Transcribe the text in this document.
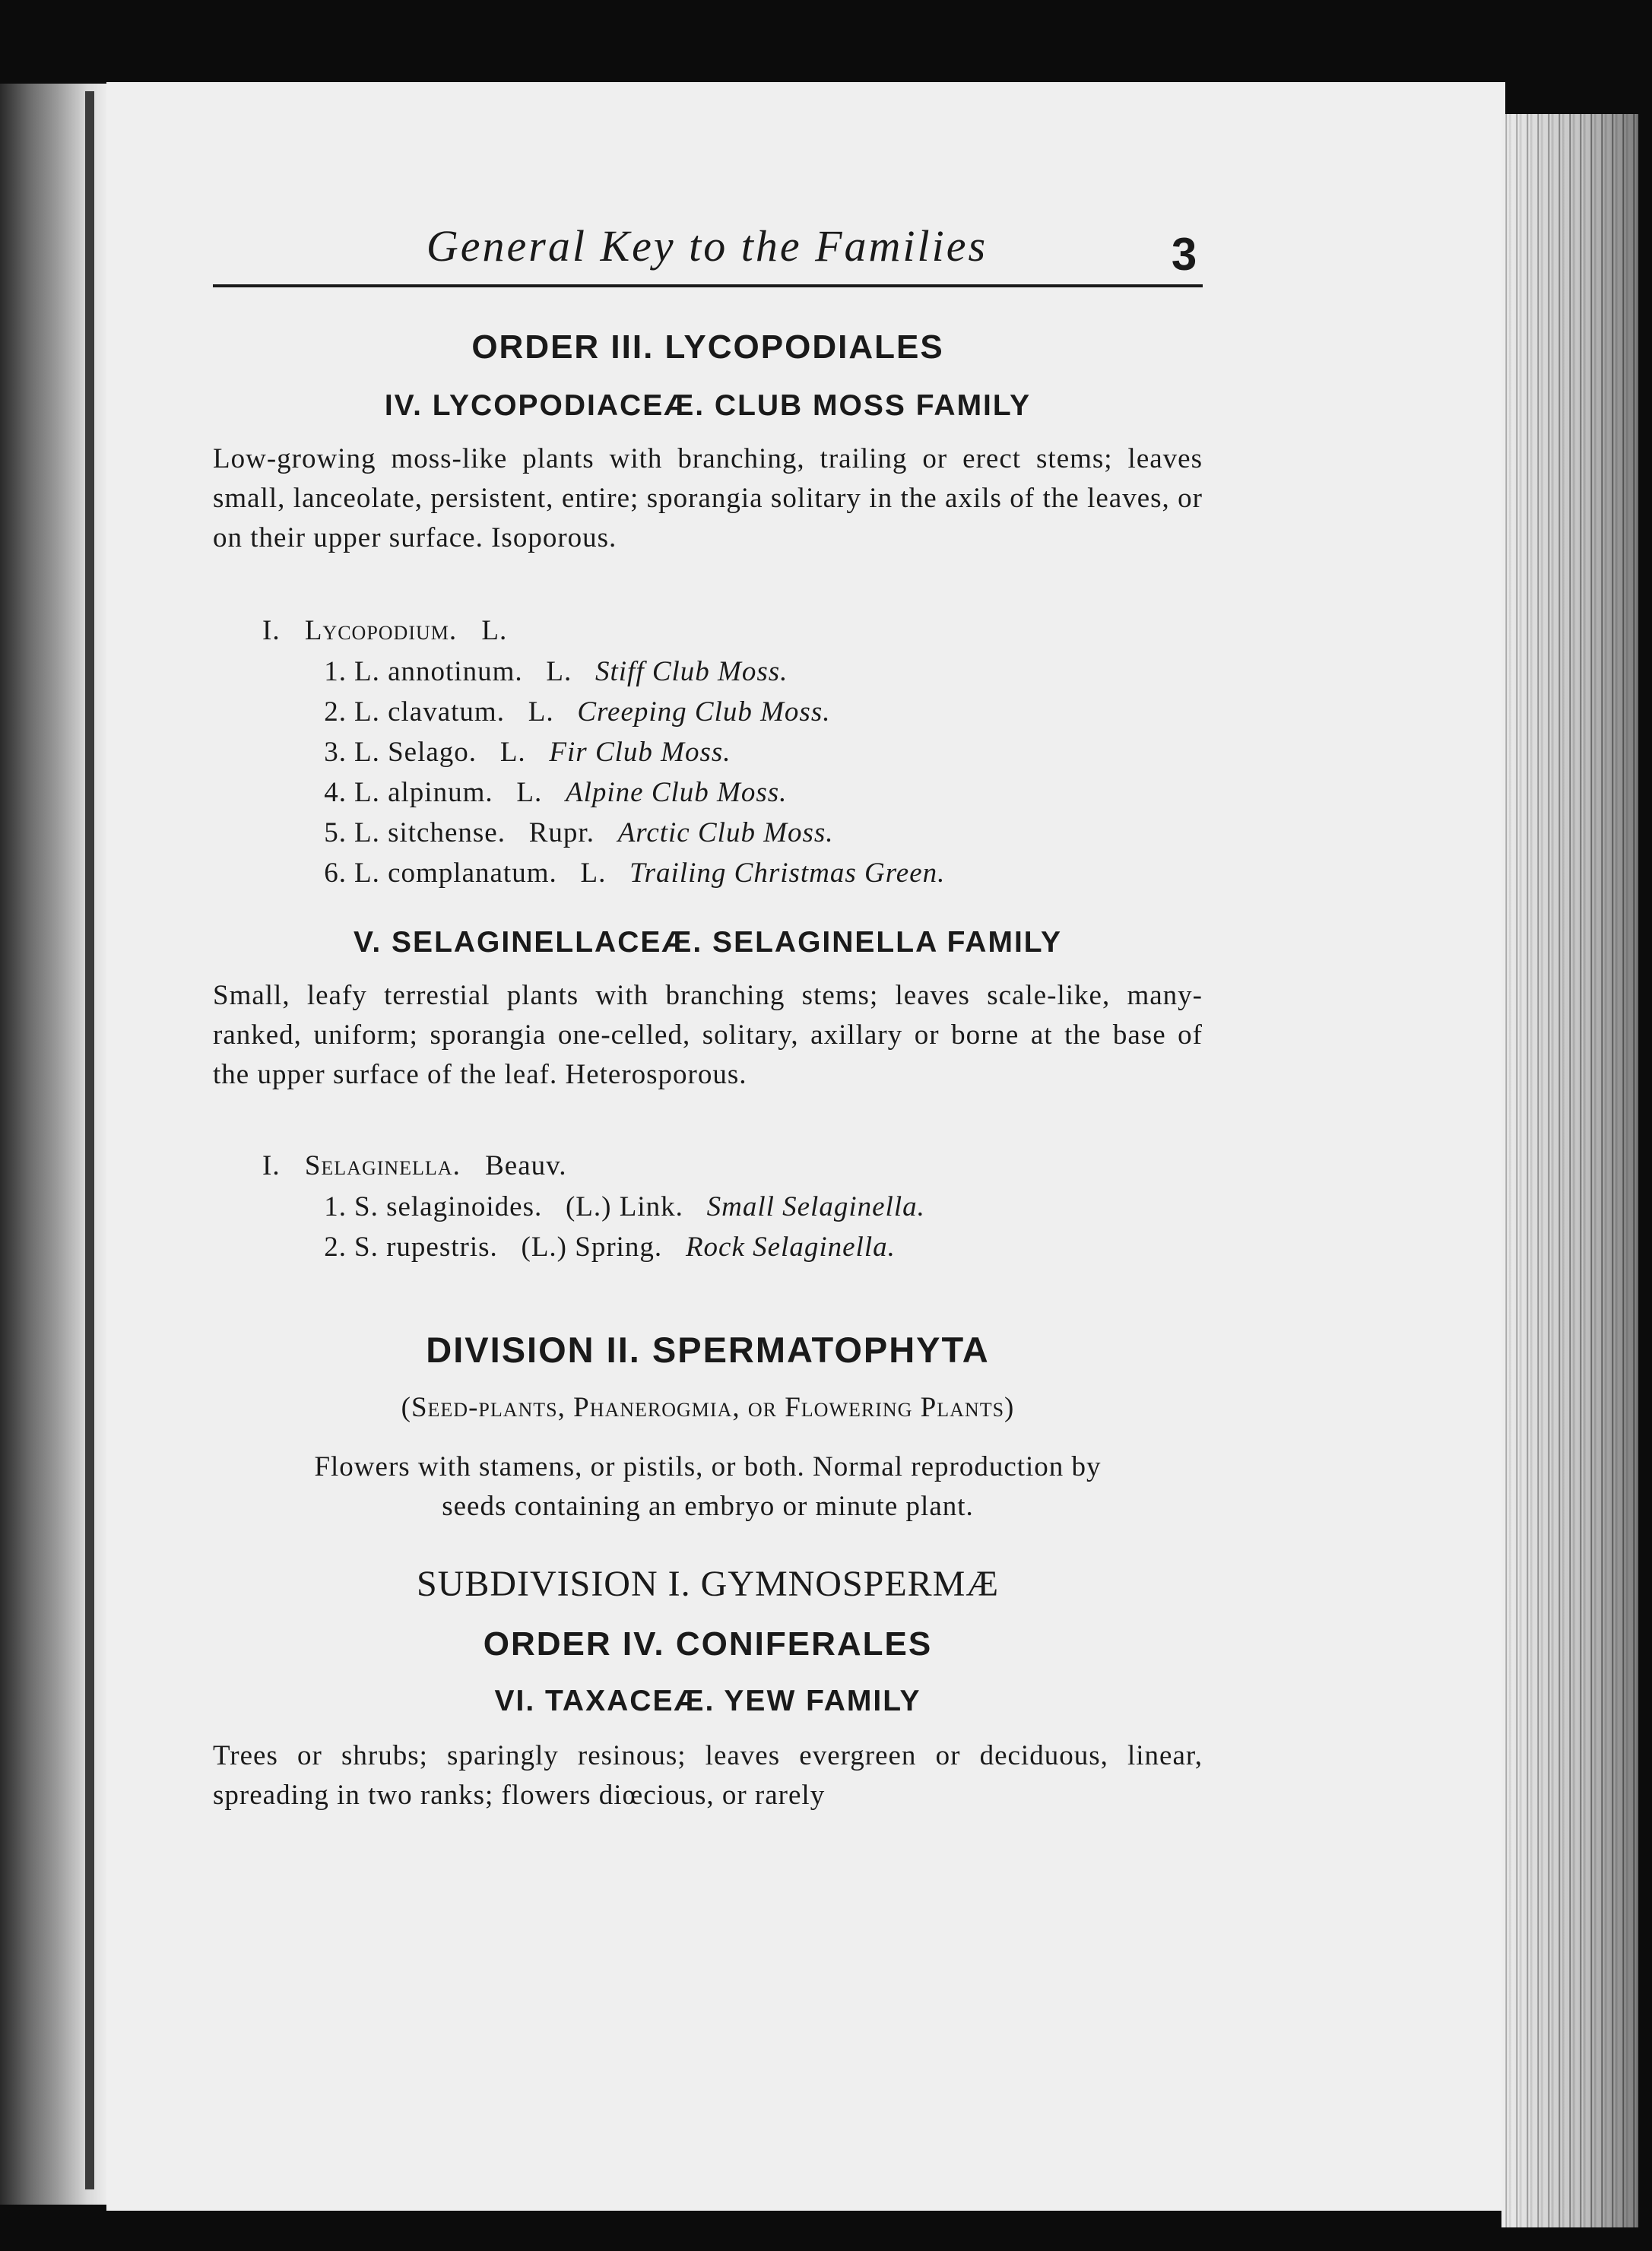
General Key to the Families	3
ORDER III. LYCOPODIALES
IV. LYCOPODIACEÆ. CLUB MOSS FAMILY
Low-growing moss-like plants with branching, trailing or erect stems; leaves small, lanceolate, persistent, entire; sporangia solitary in the axils of the leaves, or on their upper surface. Isoporous.
I. Lycopodium. L.
1. L. annotinum. L. Stiff Club Moss.
2. L. clavatum. L. Creeping Club Moss.
3. L. Selago. L. Fir Club Moss.
4. L. alpinum. L. Alpine Club Moss.
5. L. sitchense. Rupr. Arctic Club Moss.
6. L. complanatum. L. Trailing Christmas Green.
V. SELAGINELLACEÆ. SELAGINELLA FAMILY
Small, leafy terrestial plants with branching stems; leaves scale-like, many-ranked, uniform; sporangia one-celled, solitary, axillary or borne at the base of the upper surface of the leaf. Heterosporous.
I. Selaginella. Beauv.
1. S. selaginoides. (L.) Link. Small Selaginella.
2. S. rupestris. (L.) Spring. Rock Selaginella.
DIVISION II. SPERMATOPHYTA
(Seed-plants, Phanerogmia, or Flowering Plants)
Flowers with stamens, or pistils, or both. Normal reproduction by
seeds containing an embryo or minute plant.
SUBDIVISION I. GYMNOSPERMÆ
ORDER IV. CONIFERALES
VI. TAXACEÆ. YEW FAMILY
Trees or shrubs; sparingly resinous; leaves evergreen or deciduous, linear, spreading in two ranks; flowers diœcious, or rarely
